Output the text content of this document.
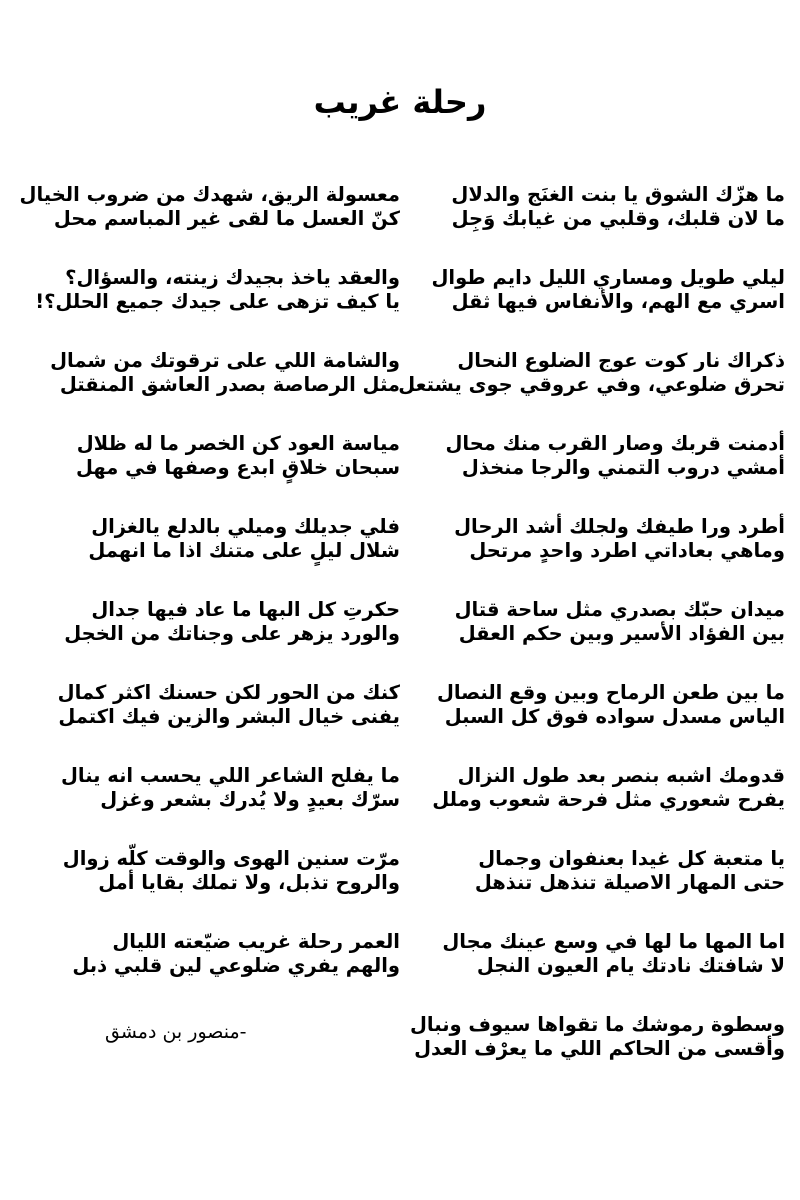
رحلة غريب
ما هزّك الشوق يا بنت الغنَج والدلال
ما لان قلبك، وقلبي من غيابك وَجِل
ليلي طويل ومساري الليل دايم طوال
اسري مع الهم، والأنفاس فيها ثقل
ذكراك نار كوت عوج الضلوع النحال
تحرق ضلوعي، وفي عروقي جوى يشتعل
أدمنت قربك وصار القرب منك محال
أمشي دروب التمني والرجا منخذل
أطرد ورا طيفك ولجلك أشد الرحال
وماهي بعاداتي اطرد واحدٍ مرتحل
ميدان حبّك بصدري مثل ساحة قتال
بين الفؤاد الأسير وبين حكم العقل
ما بين طعن الرماح وبين وقع النصال
الياس مسدل سواده فوق كل السبل
قدومك اشبه بنصر بعد طول النزال
يفرح شعوري مثل فرحة شعوب وملل
يا متعبة كل غيدا بعنفوان وجمال
حتى المهار الاصيلة تنذهل تنذهل
اما المها ما لها في وسع عينك مجال
لا شافتك نادتك يام العيون النجل
وسطوة رموشك ما تقواها سيوف ونبال
وأقسى من الحاكم اللي ما يعرْف العدل
معسولة الريق، شهدك من ضروب الخيال
كنّ العسل ما لقى غير المباسم محل
والعقد ياخذ بجيدك زينته، والسؤال؟
يا كيف تزهى على جيدك جميع الحلل؟!
والشامة اللي على ترقوتك من شمال
مثل الرصاصة بصدر العاشق المنقتل
مياسة العود كن الخصر ما له ظلال
سبحان خلاقٍ ابدع وصفها في مهل
فلي جديلك وميلي بالدلع يالغزال
شلال ليلٍ على متنك اذا ما انهمل
حكرتِ كل البها ما عاد فيها جدال
والورد يزهر على وجناتك من الخجل
كنك من الحور لكن حسنك اكثر كمال
يفنى خيال البشر والزين فيك اكتمل
ما يفلح الشاعر اللي يحسب انه ينال
سرّك بعيدٍ ولا يُدرك بشعر وغزل
مرّت سنين الهوى والوقت كلّه زوال
والروح تذبل، ولا تملك بقايا أمل
العمر رحلة غريب ضيّعته الليال
والهم يفري ضلوعي لين قلبي ذبل
-منصور بن دمشق
